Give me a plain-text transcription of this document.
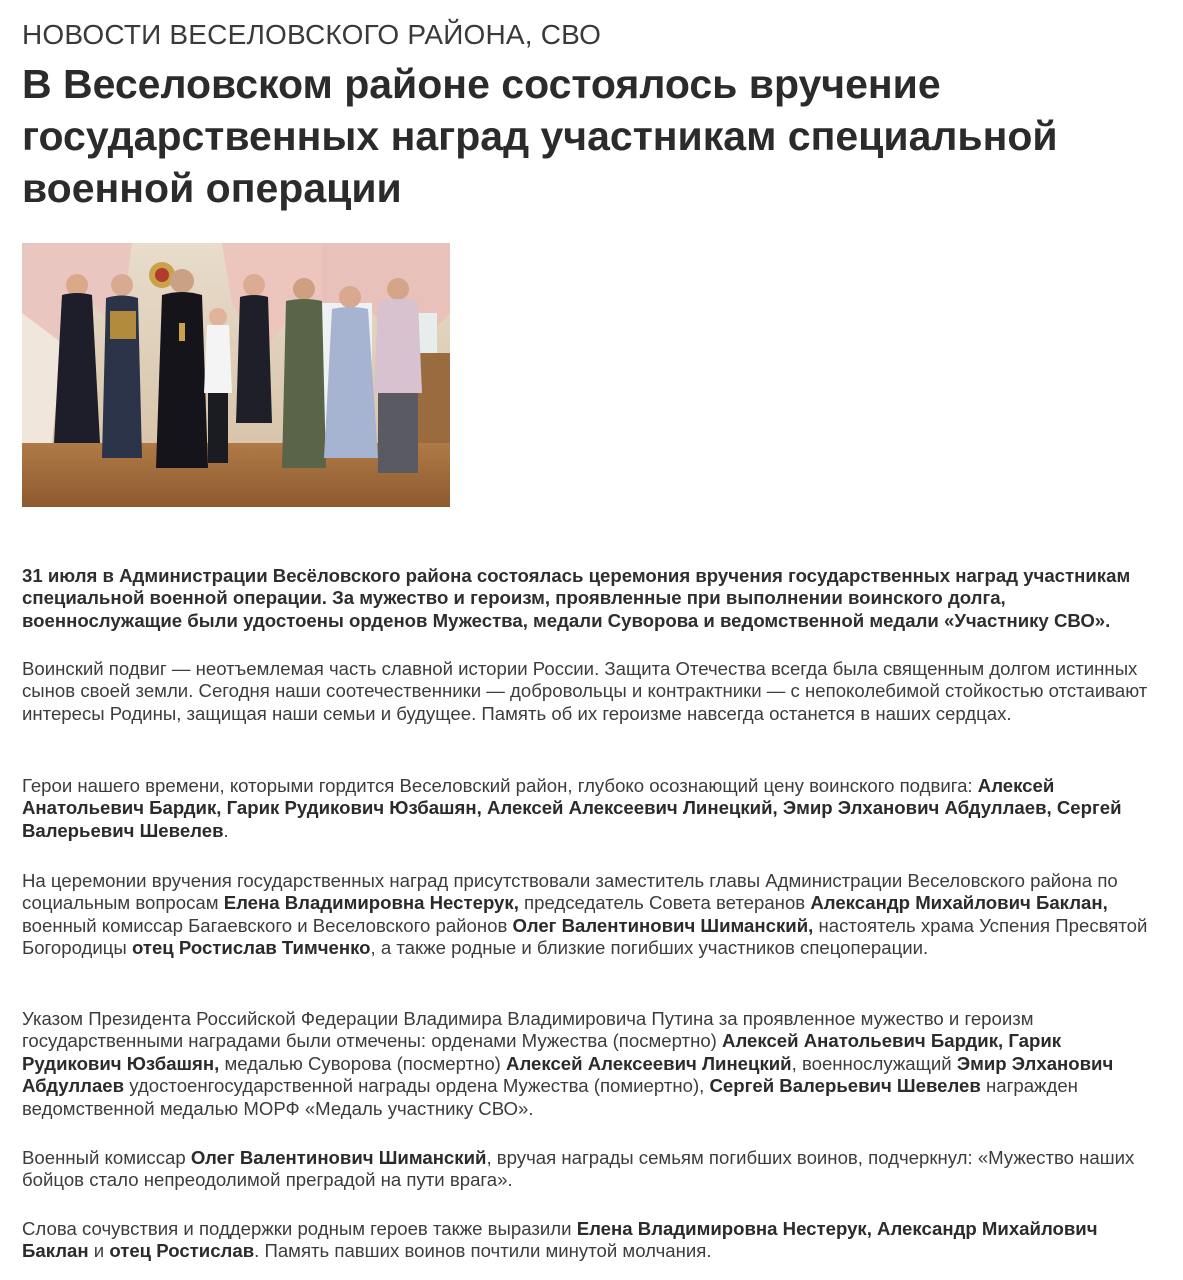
НОВОСТИ ВЕСЕЛОВСКОГО РАЙОНА, СВО
В Веселовском районе состоялось вручение государственных наград участникам специальной военной операции

31 июля в Администрации Весёловского района состоялась церемония вручения государственных наград участникам специальной военной операции. За мужество и героизм, проявленные при выполнении воинского долга, военнослужащие были удостоены орденов Мужества, медали Суворова и ведомственной медали «Участнику СВО».

Воинский подвиг — неотъемлемая часть славной истории России. Защита Отечества всегда была священным долгом истинных сынов своей земли. Сегодня наши соотечественники — добровольцы и контрактники — с непоколебимой стойкостью отстаивают интересы Родины, защищая наши семьи и будущее. Память об их героизме навсегда останется в наших сердцах.

Герои нашего времени, которыми гордится Веселовский район, глубоко осознающий цену воинского подвига: Алексей Анатольевич Бардик, Гарик Рудикович Юзбашян, Алексей Алексеевич Линецкий, Эмир Элханович Абдуллаев, Сергей Валерьевич Шевелев.

На церемонии вручения государственных наград присутствовали заместитель главы Администрации Веселовского района по социальным вопросам Елена Владимировна Нестерук, председатель Совета ветеранов Александр Михайлович Баклан, военный комиссар Багаевского и Веселовского районов Олег Валентинович Шиманский, настоятель храма Успения Пресвятой Богородицы отец Ростислав Тимченко, а также родные и близкие погибших участников спецоперации.

Указом Президента Российской Федерации Владимира Владимировича Путина за проявленное мужество и героизм государственными наградами были отмечены: орденами Мужества (посмертно) Алексей Анатольевич Бардик, Гарик Рудикович Юзбашян, медалью Суворова (посмертно) Алексей Алексеевич Линецкий, военнослужащий Эмир Элханович Абдуллаев удостоенгосударственной награды ордена Мужества (помиертно), Сергей Валерьевич Шевелев награжден ведомственной медалью МОРФ «Медаль участнику СВО».

Военный комиссар Олег Валентинович Шиманский, вручая награды семьям погибших воинов, подчеркнул: «Мужество наших бойцов стало непреодолимой преградой на пути врага».

Слова сочувствия и поддержки родным героев также выразили Елена Владимировна Нестерук, Александр Михайлович Баклан и отец Ростислав. Память павших воинов почтили минутой молчания.
